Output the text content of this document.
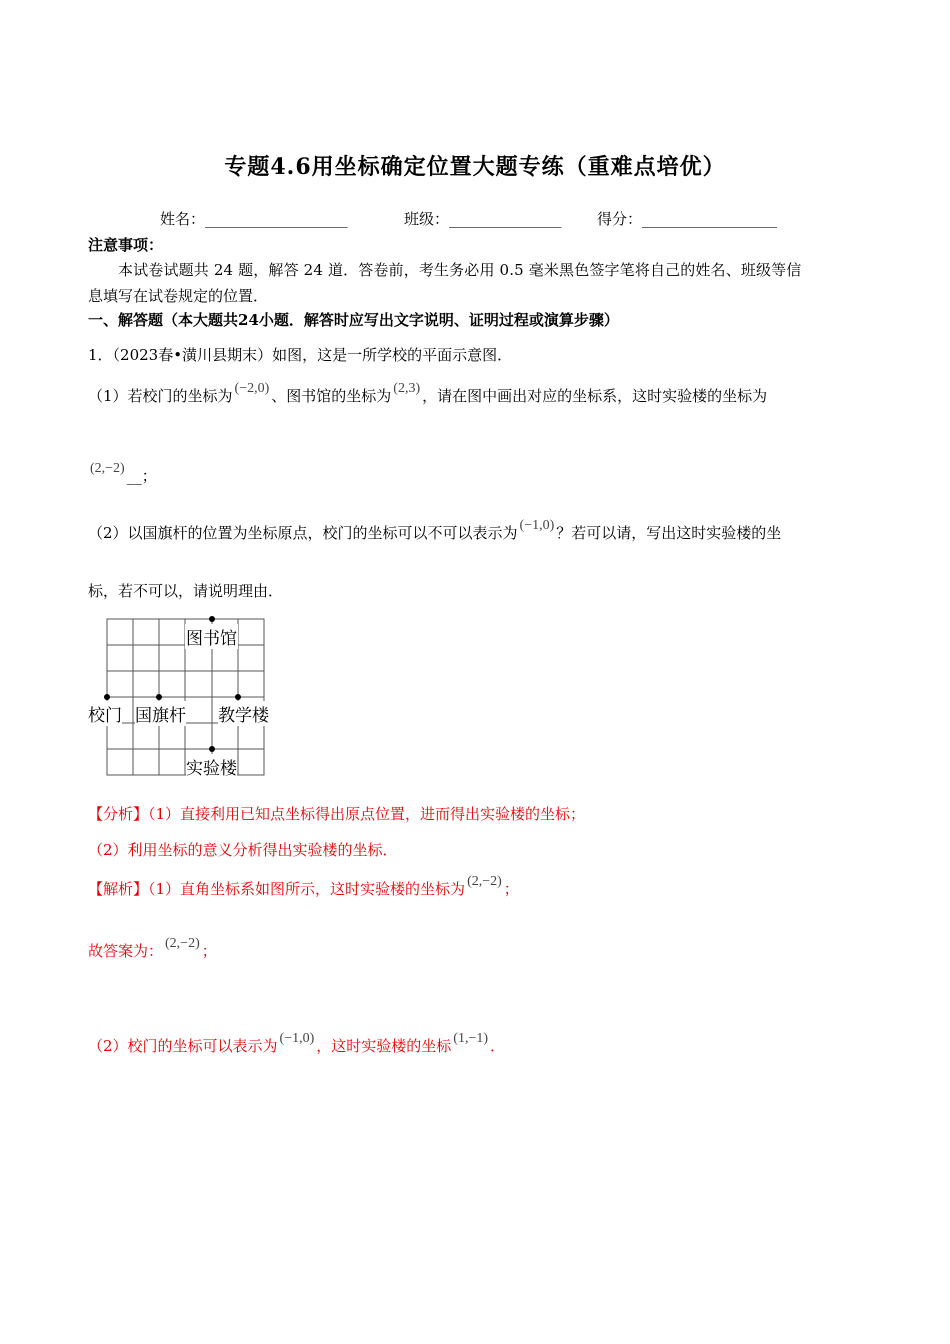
专题4.6用坐标确定位置大题专练（重难点培优）
姓名：___________________	班级：_______________ 得分：__________________
注意事项：
本试卷试题共 24 题，解答 24 道．答卷前，考生务必用 0.5 毫米黑色签字笔将自己的姓名、班级等信
息填写在试卷规定的位置．
一、解答题（本大题共24小题．解答时应写出文字说明、证明过程或演算步骤）
1．（2023春•潢川县期末）如图，这是一所学校的平面示意图．
（1）若校门的坐标为 (−2,0) 、图书馆的坐标为 (2,3) ，请在图中画出对应的坐标系，这时实验楼的坐标为
(2,−2) __；
（2）以国旗杆的位置为坐标原点，校门的坐标可以不可以表示为 (−1,0) ？若可以请，写出这时实验楼的坐
标，若不可以，请说明理由．
图书馆
校门 国旗杆 教学楼
实验楼
【分析】（1）直接利用已知点坐标得出原点位置，进而得出实验楼的坐标；
（2）利用坐标的意义分析得出实验楼的坐标．
【解析】（1）直角坐标系如图所示，这时实验楼的坐标为 (2,−2) ；
故答案为： (2,−2) ；
（2）校门的坐标可以表示为 (−1,0) ，这时实验楼的坐标 (1,−1) ．
